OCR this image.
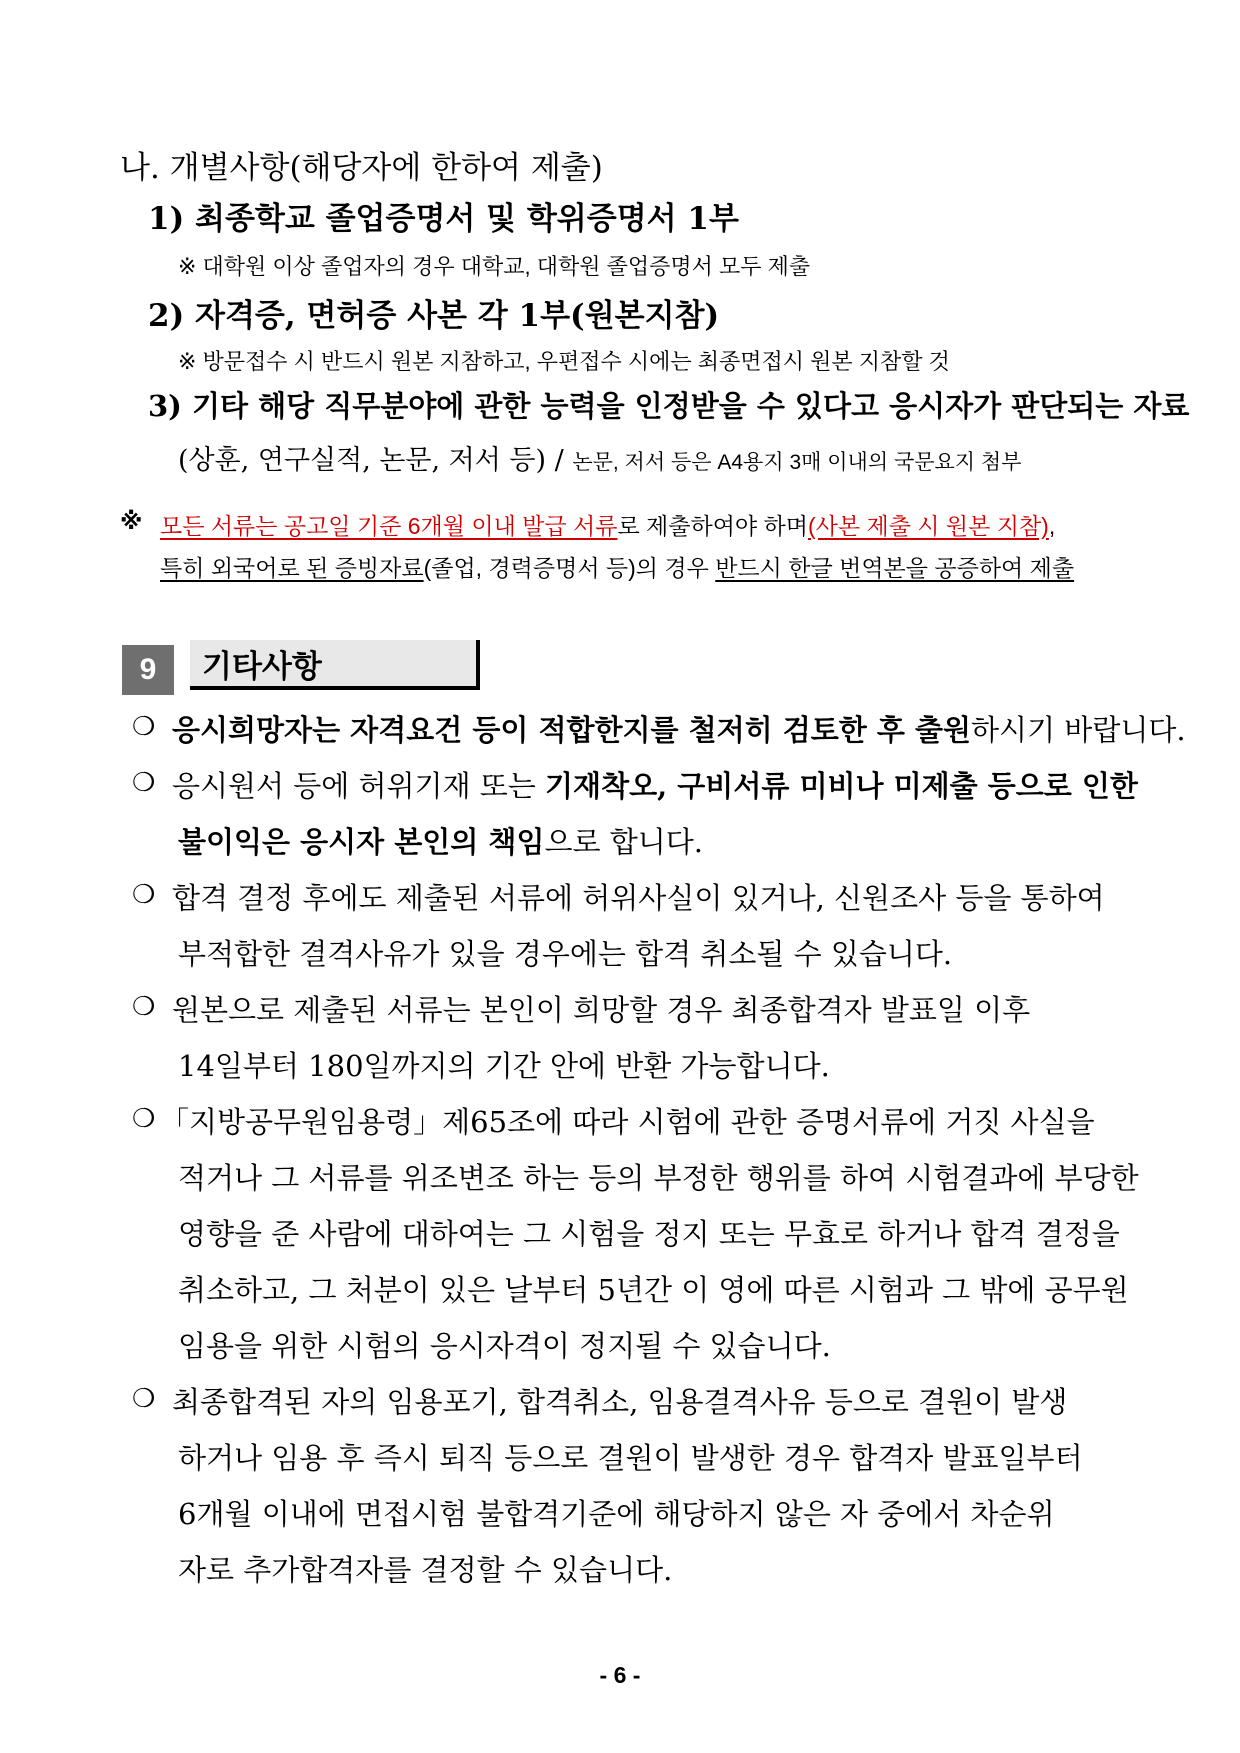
나. 개별사항(해당자에 한하여 제출)
1) 최종학교 졸업증명서 및 학위증명서 1부
※ 대학원 이상 졸업자의 경우 대학교, 대학원 졸업증명서 모두 제출
2) 자격증, 면허증 사본 각 1부(원본지참)
※ 방문접수 시 반드시 원본 지참하고, 우편접수 시에는 최종면접시 원본 지참할 것
3) 기타 해당 직무분야에 관한 능력을 인정받을 수 있다고 응시자가 판단되는 자료
(상훈, 연구실적, 논문, 저서 등) / 논문, 저서 등은 A4용지 3매 이내의 국문요지 첨부
※ 모든 서류는 공고일 기준 6개월 이내 발급 서류로 제출하여야 하며(사본 제출 시 원본 지참),
특히 외국어로 된 증빙자료(졸업, 경력증명서 등)의 경우 반드시 한글 번역본을 공증하여 제출
9	기타사항
❍ 응시희망자는 자격요건 등이 적합한지를 철저히 검토한 후 출원하시기 바랍니다.
❍ 응시원서 등에 허위기재 또는 기재착오, 구비서류 미비나 미제출 등으로 인한
불이익은 응시자 본인의 책임으로 합니다.
❍ 합격 결정 후에도 제출된 서류에 허위사실이 있거나, 신원조사 등을 통하여
부적합한 결격사유가 있을 경우에는 합격 취소될 수 있습니다.
❍ 원본으로 제출된 서류는 본인이 희망할 경우 최종합격자 발표일 이후
14일부터 180일까지의 기간 안에 반환 가능합니다.
❍ 「지방공무원임용령」제65조에 따라 시험에 관한 증명서류에 거짓 사실을
적거나 그 서류를 위조변조 하는 등의 부정한 행위를 하여 시험결과에 부당한
영향을 준 사람에 대하여는 그 시험을 정지 또는 무효로 하거나 합격 결정을
취소하고, 그 처분이 있은 날부터 5년간 이 영에 따른 시험과 그 밖에 공무원
임용을 위한 시험의 응시자격이 정지될 수 있습니다.
❍ 최종합격된 자의 임용포기, 합격취소, 임용결격사유 등으로 결원이 발생
하거나 임용 후 즉시 퇴직 등으로 결원이 발생한 경우 합격자 발표일부터
6개월 이내에 면접시험 불합격기준에 해당하지 않은 자 중에서 차순위
자로 추가합격자를 결정할 수 있습니다.
- 6 -
